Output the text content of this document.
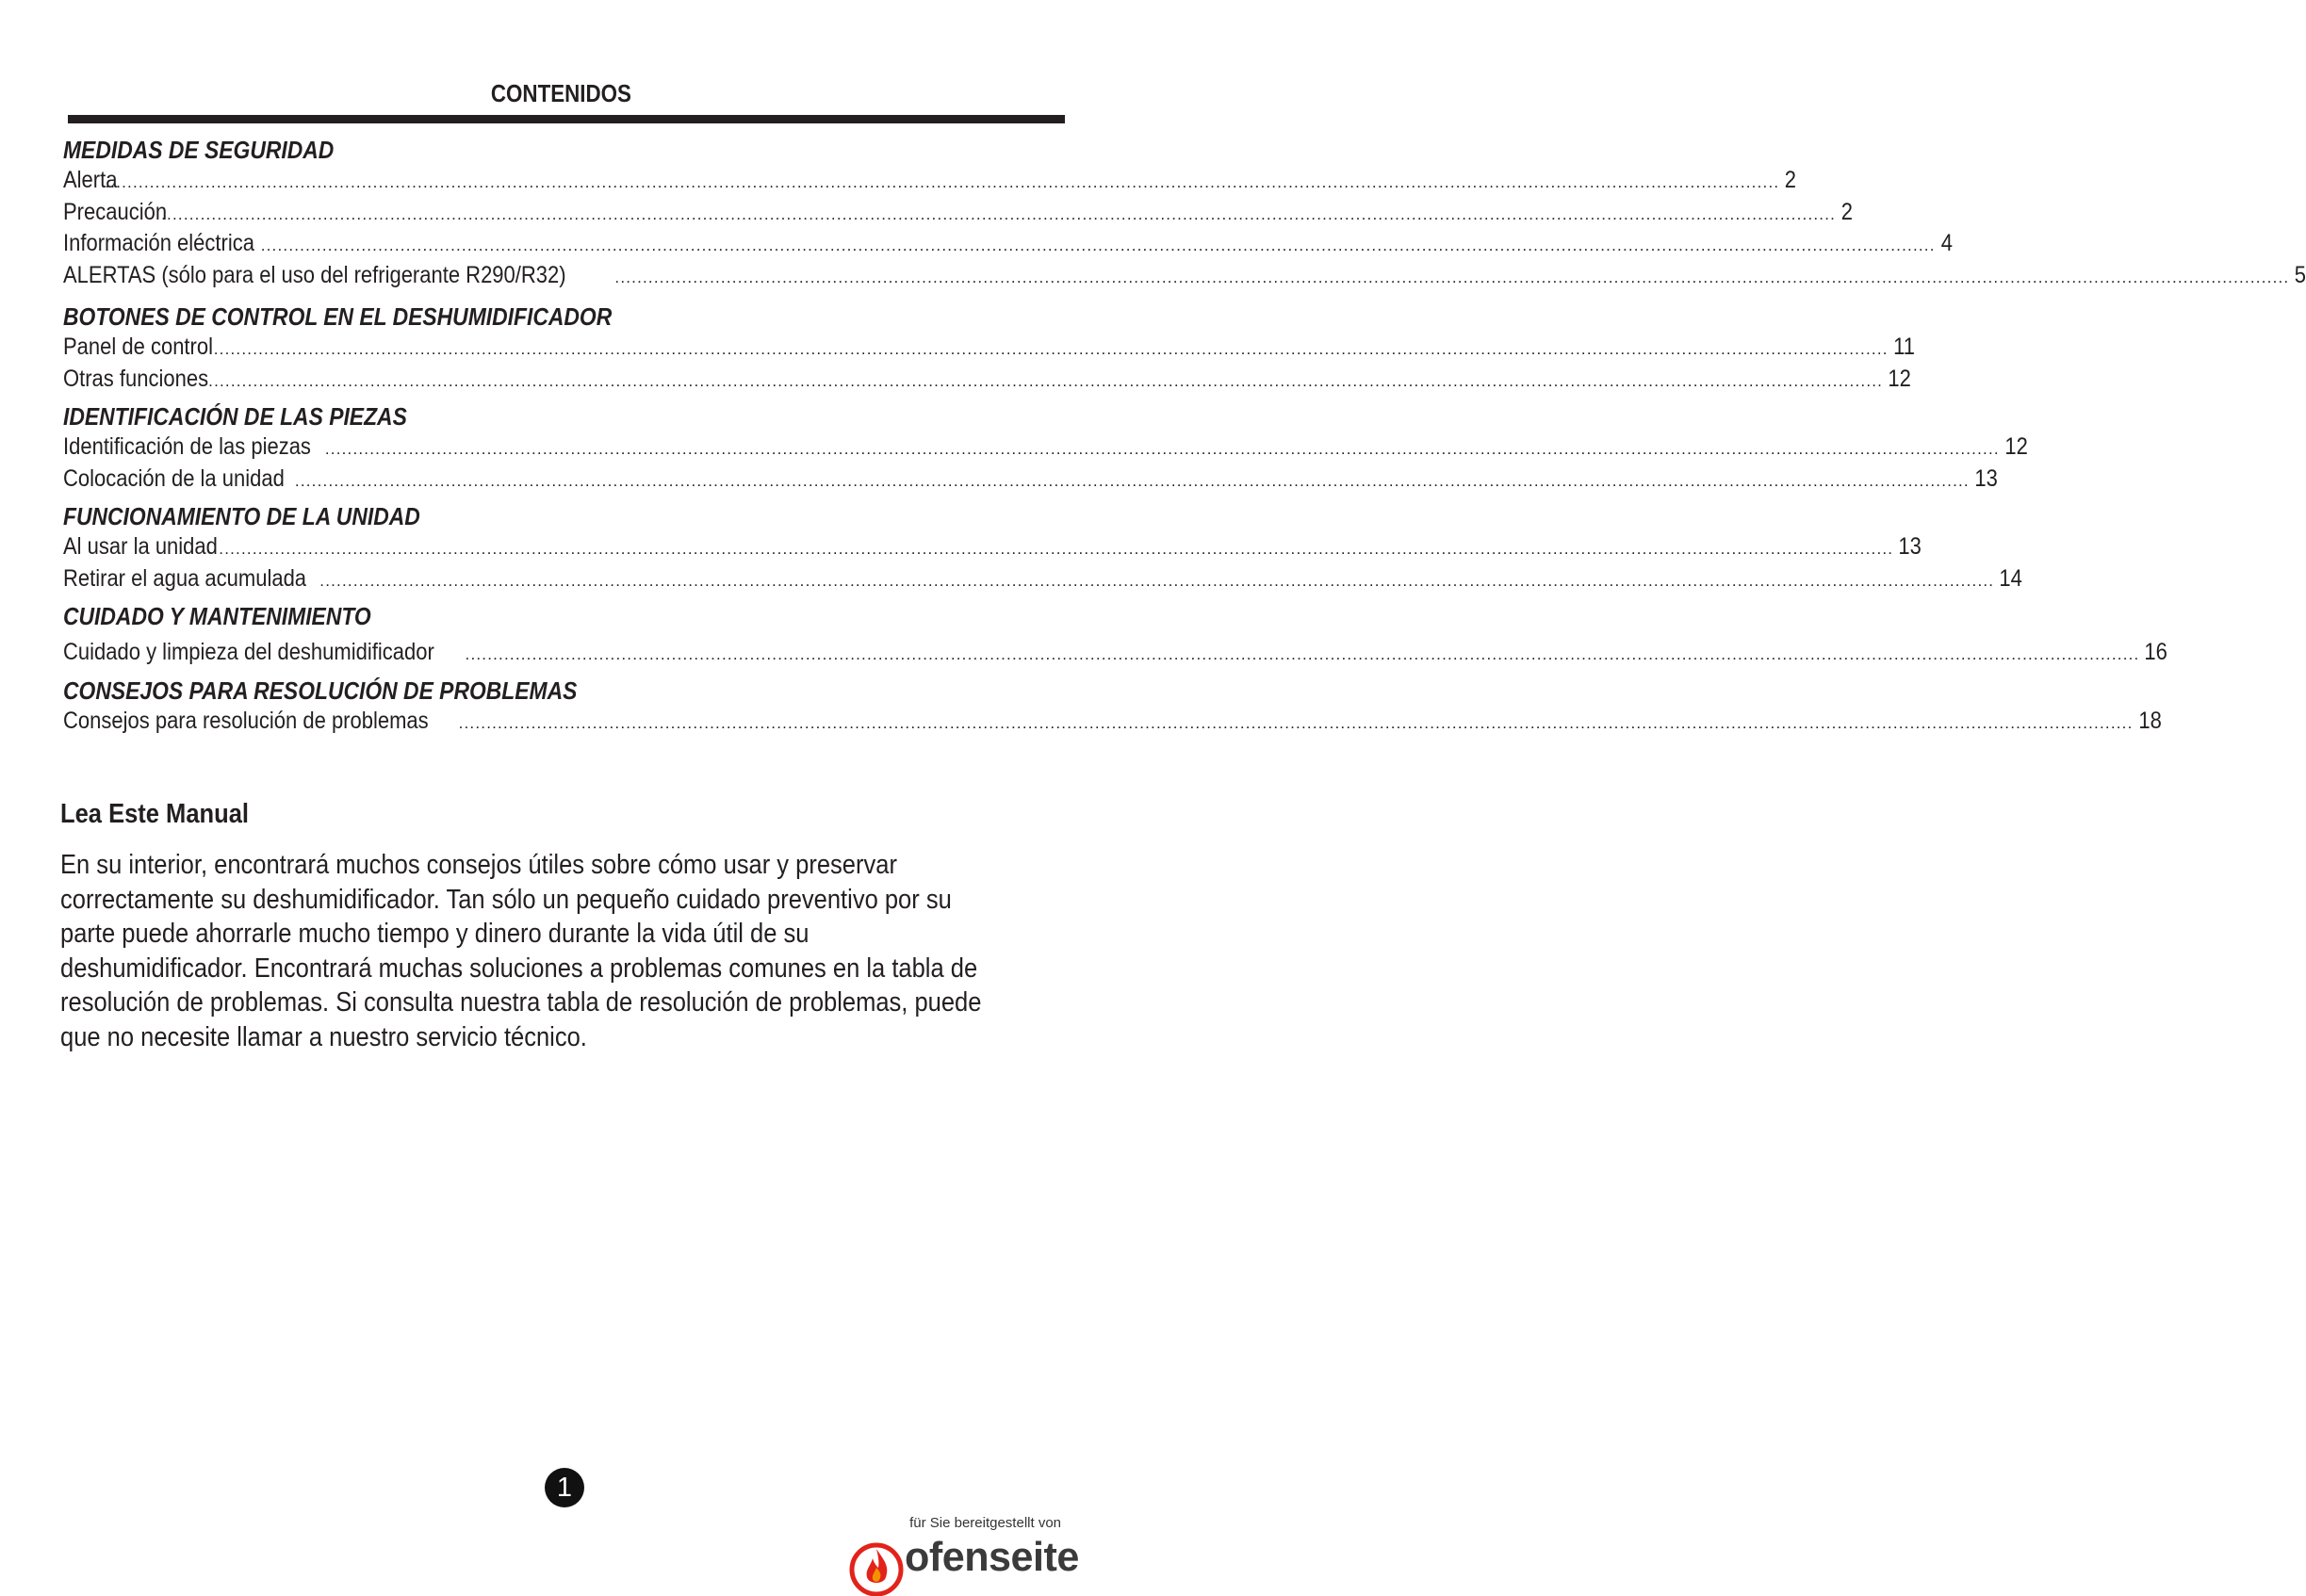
CONTENIDOS
MEDIDAS DE SEGURIDAD
Alerta
............................................................................................................................................................................................................................................................................................................ 2
Precaución
............................................................................................................................................................................................................................................................................................................ 2
Información eléctrica ............................................................................................................................................................................................................................................................................................................ 4
ALERTAS (sólo para el uso del refrigerante R290/R32)	............................................................................................................................................................................................................................................................................................................ 5
BOTONES DE CONTROL EN EL DESHUMIDIFICADOR
Panel de control ............................................................................................................................................................................................................................................................................................................ 11
Otras funciones ............................................................................................................................................................................................................................................................................................................ 12
IDENTIFICACIÓN DE LAS PIEZAS
Identificación de las piezas ............................................................................................................................................................................................................................................................................................................ 12
Colocación de la unidad ............................................................................................................................................................................................................................................................................................................ 13
FUNCIONAMIENTO DE LA UNIDAD
Al usar la unidad ............................................................................................................................................................................................................................................................................................................ 13
Retirar el agua acumulada ............................................................................................................................................................................................................................................................................................................ 14
CUIDADO Y MANTENIMIENTO
Cuidado y limpieza del deshumidificador ............................................................................................................................................................................................................................................................................................................ 16
CONSEJOS PARA RESOLUCIÓN DE PROBLEMAS
Consejos para resolución de problemas ............................................................................................................................................................................................................................................................................................................ 18
Lea Este Manual
En su interior, encontrará muchos consejos útiles sobre cómo usar y preservar correctamente su deshumidificador. Tan sólo un pequeño cuidado preventivo por su parte puede ahorrarle mucho tiempo y dinero durante la vida útil de su deshumidificador. Encontrará muchas soluciones a problemas comunes en la tabla de resolución de problemas. Si consulta nuestra tabla de resolución de problemas, puede que no necesite llamar a nuestro servicio técnico.
1
für Sie bereitgestellt von
ofenseite
